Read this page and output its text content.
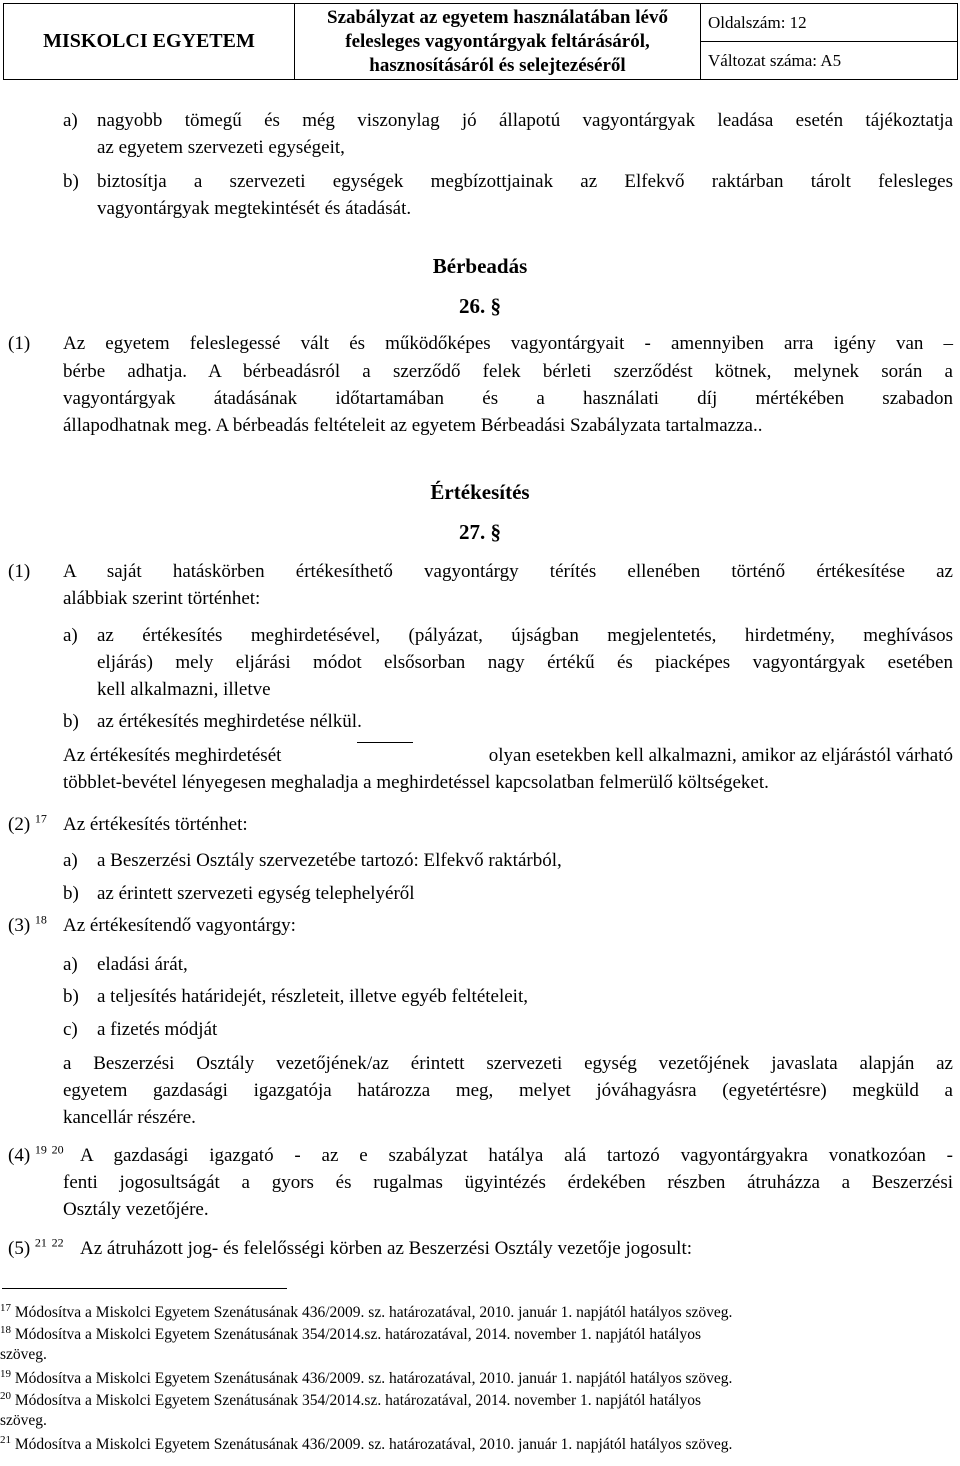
MISKOLCI EGYETEM	
Szabályzat az egyetem használatában lévő
felesleges vagyontárgyak feltárásáról,
hasznosításáról és selejtezéséről
	Oldalszám: 12
Változat száma: A5
a) nagyobb tömegű és még viszonylag jó állapotú vagyontárgyak leadása esetén tájékoztatja
az egyetem szervezeti egységeit,
b) biztosítja a szervezeti egységek megbízottjainak az Elfekvő raktárban tárolt felesleges
vagyontárgyak megtekintését és átadását.
Bérbeadás
26. §
(1) Az egyetem feleslegessé vált és működőképes vagyontárgyait - amennyiben arra igény van –
bérbe adhatja. A bérbeadásról a szerződő felek bérleti szerződést kötnek, melynek során a
vagyontárgyak átadásának időtartamában és a használati díj mértékében szabadon
állapodhatnak meg. A bérbeadás feltételeit az egyetem Bérbeadási Szabályzata tartalmazza..
Értékesítés
27. §
(1) A saját hatáskörben értékesíthető vagyontárgy térítés ellenében történő értékesítése az
alábbiak szerint történhet:
a) az értékesítés meghirdetésével, (pályázat, újságban megjelentetés, hirdetmény, meghívásos
eljárás) mely eljárási módot elsősorban nagy értékű és piacképes vagyontárgyak esetében
kell alkalmazni, illetve
b) az értékesítés meghirdetése nélkül.
Az értékesítés meghirdetését	olyan esetekben kell alkalmazni, amikor az eljárástól várható
többlet-bevétel lényegesen meghaladja a meghirdetéssel kapcsolatban felmerülő költségeket.
(2) $^{17}$ Az értékesítés történhet:
a) a Beszerzési Osztály szervezetébe tartozó: Elfekvő raktárból,
b) az érintett szervezeti egység telephelyéről
(3) $^{18}$ Az értékesítendő vagyontárgy:
a) eladási árát,
b) a teljesítés határidejét, részleteit, illetve egyéb feltételeit,
c) a fizetés módját
a Beszerzési Osztály vezetőjének/az érintett szervezeti egység vezetőjének javaslata alapján az
egyetem gazdasági igazgatója határozza meg, melyet jóváhagyásra (egyetértésre) megküld a
kancellár részére.
(4) $^{19}$ $^{20}$ A gazdasági igazgató - az e szabályzat hatálya alá tartozó vagyontárgyakra vonatkozóan -
fenti jogosultságát a gyors és rugalmas ügyintézés érdekében részben átruházza a Beszerzési
Osztály vezetőjére.
(5) $^{21}$ $^{22}$ Az átruházott jog- és felelősségi körben az Beszerzési Osztály vezetője jogosult:
$^{17}$ Módosítva a Miskolci Egyetem Szenátusának 436/2009. sz. határozatával, 2010. január 1. napjától hatályos szöveg.
$^{18}$ Módosítva a Miskolci Egyetem Szenátusának 354/2014.sz. határozatával, 2014. november 1. napjától hatályos
szöveg.
$^{19}$ Módosítva a Miskolci Egyetem Szenátusának 436/2009. sz. határozatával, 2010. január 1. napjától hatályos szöveg.
$^{20}$ Módosítva a Miskolci Egyetem Szenátusának 354/2014.sz. határozatával, 2014. november 1. napjától hatályos
szöveg.
$^{21}$ Módosítva a Miskolci Egyetem Szenátusának 436/2009. sz. határozatával, 2010. január 1. napjától hatályos szöveg.
